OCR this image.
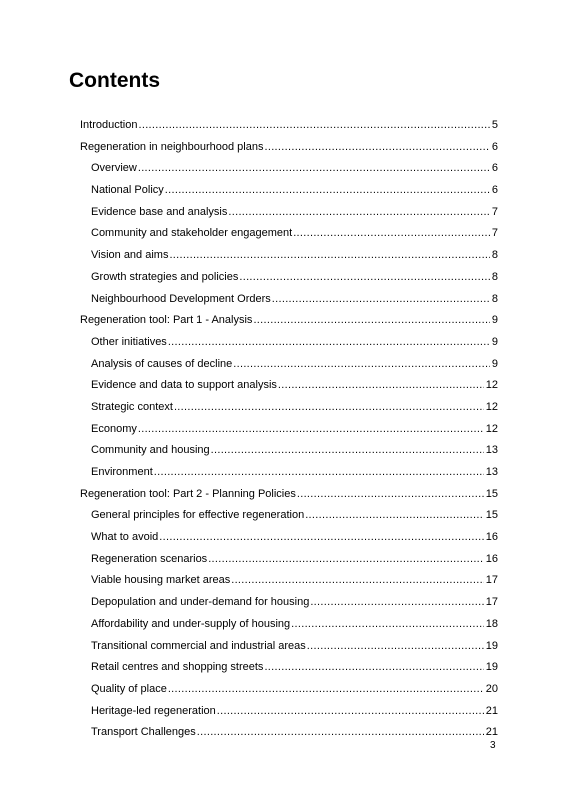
Contents
Introduction .....	5
Regeneration in neighbourhood plans .....	6
Overview .....	6
National Policy .....	6
Evidence base and analysis .....	7
Community and stakeholder engagement .....	7
Vision and aims .....	8
Growth strategies and policies .....	8
Neighbourhood Development Orders .....	8
Regeneration tool: Part 1 - Analysis .....	9
Other initiatives .....	9
Analysis of causes of decline .....	9
Evidence and data to support analysis .....	12
Strategic context .....	12
Economy .....	12
Community and housing .....	13
Environment .....	13
Regeneration tool: Part 2 - Planning Policies .....	15
General principles for effective regeneration .....	15
What to avoid .....	16
Regeneration scenarios .....	16
Viable housing market areas .....	17
Depopulation and under-demand for housing .....	17
Affordability and under-supply of housing .....	18
Transitional commercial and industrial areas .....	19
Retail centres and shopping streets .....	19
Quality of place .....	20
Heritage-led regeneration .....	21
Transport Challenges .....	21
3
